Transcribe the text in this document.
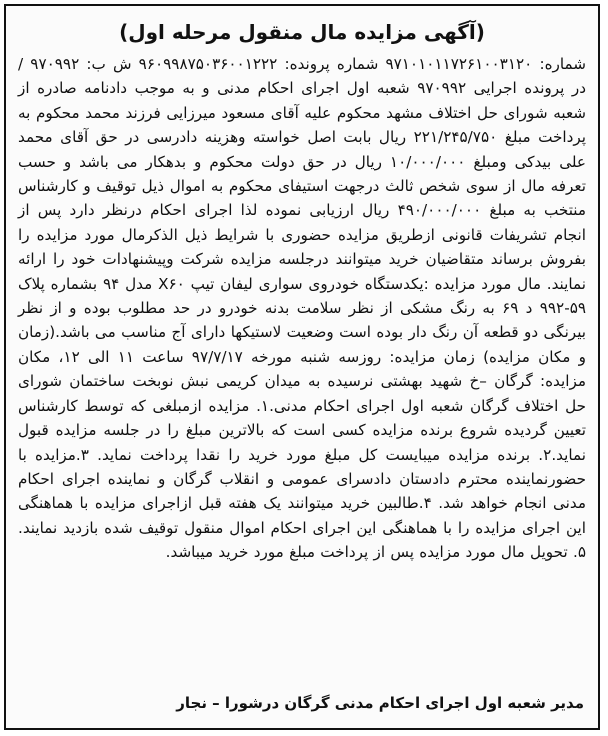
(آگهی مزایده مال منقول مرحله اول)
شماره: ۹۷۱۰۱۰۱۱۷۲۶۱۰۰۳۱۲۰ شماره پرونده: ۹۶۰۹۹۸۷۵۰۳۶۰۰۱۲۲۲ ش ب: ۹۷۰۹۹۲ / در پرونده اجرایی ۹۷۰۹۹۲ شعبه اول اجرای احکام مدنی و به موجب دادنامه صادره از شعبه شورای حل اختلاف مشهد محکوم علیه آقای مسعود میرزایی فرزند محمد محکوم به پرداخت مبلغ ۲۲۱/۲۴۵/۷۵۰ ریال بابت اصل خواسته وهزینه دادرسی در حق آقای محمد علی بیدکی ومبلغ ۱۰/۰۰۰/۰۰۰ ریال در حق دولت محکوم و بدهکار می باشد و حسب تعرفه مال از سوی شخص ثالث درجهت استیفای محکوم به اموال ذیل توقیف و کارشناس منتخب به مبلغ ۴۹۰/۰۰۰/۰۰۰ ریال ارزیابی نموده لذا اجرای احکام درنظر دارد پس از انجام تشریفات قانونی ازطریق مزایده حضوری با شرایط ذیل الذکرمال مورد مزایده را بفروش برساند متقاضیان خرید میتوانند درجلسه مزایده شرکت وپیشنهادات خود را ارائه نمایند. مال مورد مزایده :یکدستگاه خودروی سواری لیفان تیپ X۶۰ مدل ۹۴ بشماره پلاک ۵۹-۹۹۲ د ۶۹ به رنگ مشکی از نظر سلامت بدنه خودرو در حد مطلوب بوده و از نظر بیرنگی دو قطعه آن رنگ دار بوده است وضعیت لاستیکها دارای آج مناسب می باشد.(زمان و مکان مزایده) زمان مزایده: روزسه شنبه مورخه ۹۷/۷/۱۷ ساعت ۱۱ الی ۱۲، مکان مزایده: گرگان –خ شهید بهشتی نرسیده به میدان کریمی نبش نوبخت ساختمان شورای حل اختلاف گرگان شعبه اول اجرای احکام مدنی.۱. مزایده ازمبلغی که توسط کارشناس تعیین گردیده شروع برنده مزایده کسی است که بالاترین مبلغ را در جلسه مزایده قبول نماید.۲. برنده مزایده میبایست کل مبلغ مورد خرید را نقدا پرداخت نماید. ۳.مزایده با حضورنماینده محترم دادستان دادسرای عمومی و انقلاب گرگان و نماینده اجرای احکام مدنی انجام خواهد شد. ۴.طالبین خرید میتوانند یک هفته قبل ازاجرای مزایده با هماهنگی این اجرای مزایده را با هماهنگی این اجرای احکام اموال منقول توقیف شده بازدید نمایند. ۵. تحویل مال مورد مزایده پس از پرداخت مبلغ مورد خرید میباشد.
مدیر شعبه اول اجرای احکام مدنی گرگان درشورا – نجار
